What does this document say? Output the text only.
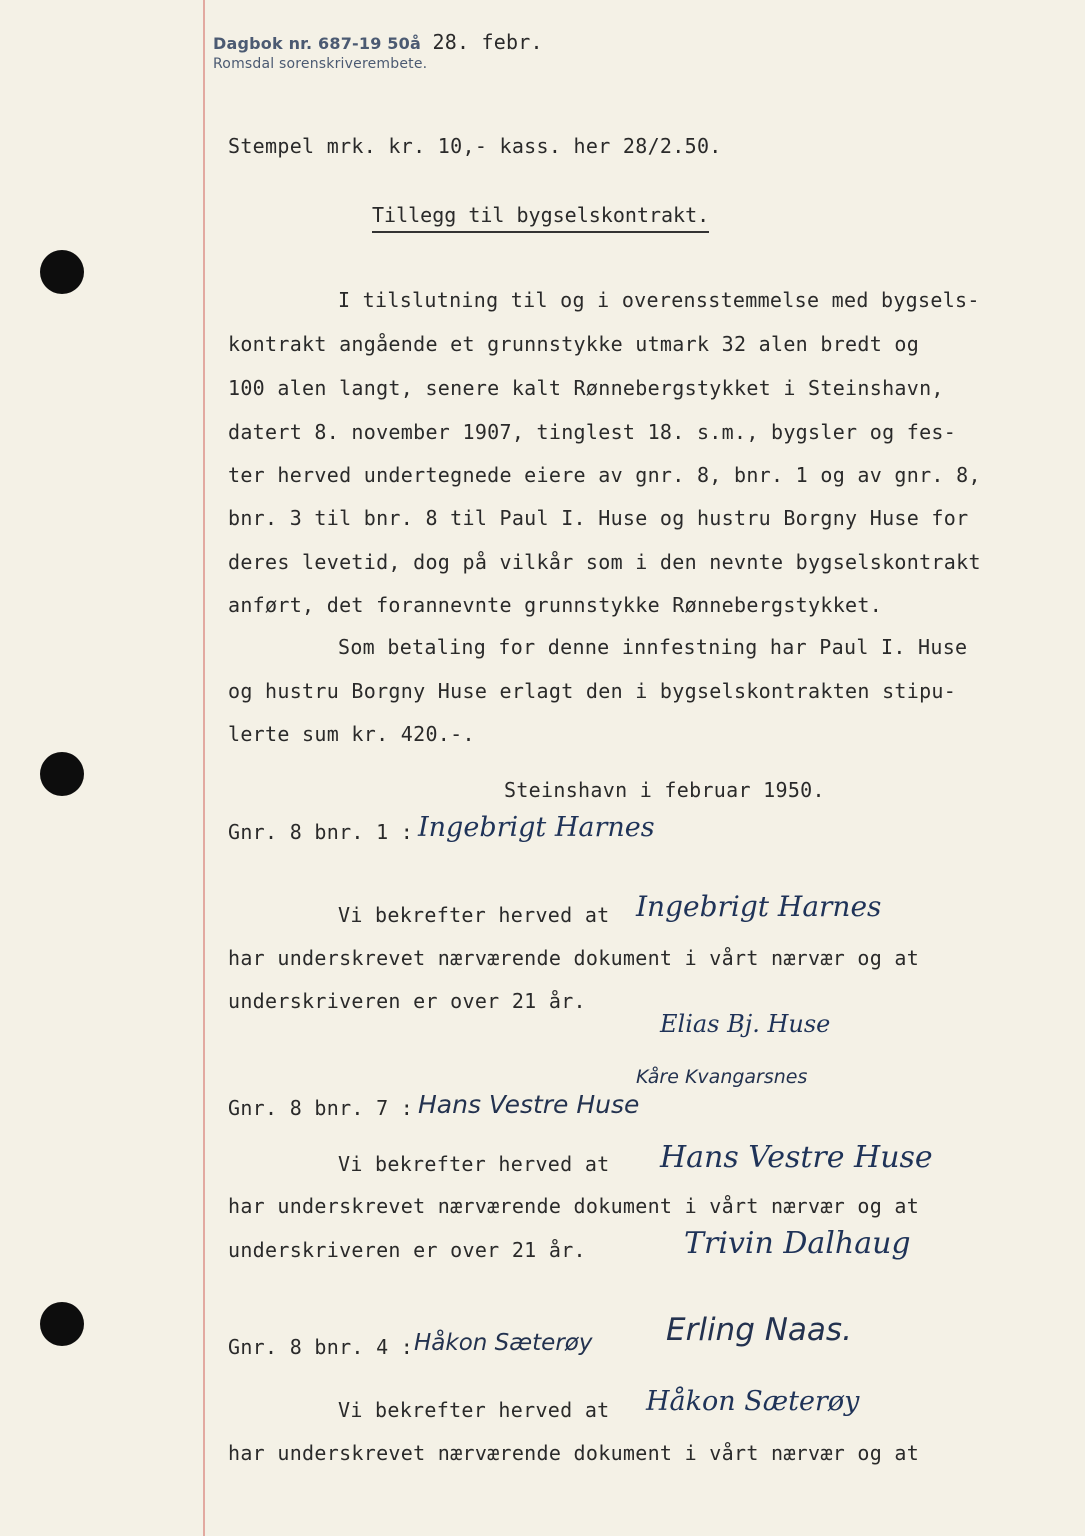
Dagbok nr. 687-19 50å 28. febr.
Romsdal sorenskriverembete.
Stempel mrk. kr. 10,- kass. her 28/2.50.
Tillegg til bygselskontrakt.
I tilslutning til og i overensstemmelse med bygsels-
kontrakt angående et grunnstykke utmark 32 alen bredt og
100 alen langt, senere kalt Rønnebergstykket i Steinshavn,
datert 8. november 1907, tinglest 18. s.m., bygsler og fes-
ter herved undertegnede eiere av gnr. 8, bnr. 1 og av gnr. 8,
bnr. 3 til bnr. 8 til Paul I. Huse og hustru Borgny Huse for
deres levetid, dog på vilkår som i den nevnte bygselskontrakt
anført, det forannevnte grunnstykke Rønnebergstykket.
Som betaling for denne innfestning har Paul I. Huse
og hustru Borgny Huse erlagt den i bygselskontrakten stipu-
lerte sum kr. 420.-.
Steinshavn i februar 1950.
Gnr. 8 bnr. 1 : Ingebrigt Harnes
Vi bekrefter herved at Ingebrigt Harnes
har underskrevet nærværende dokument i vårt nærvær og at
underskriveren er over 21 år.
Elias Bj. Huse
Kåre Kvangarsnes
Gnr. 8 bnr. 7 : Hans Vestre Huse
Vi bekrefter herved at Hans Vestre Huse
har underskrevet nærværende dokument i vårt nærvær og at
underskriveren er over 21 år.	Trivin Dalhaug
Gnr. 8 bnr. 4 : Håkon Sæterøy Erling Naas.
Vi bekrefter herved at Håkon Sæterøy
har underskrevet nærværende dokument i vårt nærvær og at
